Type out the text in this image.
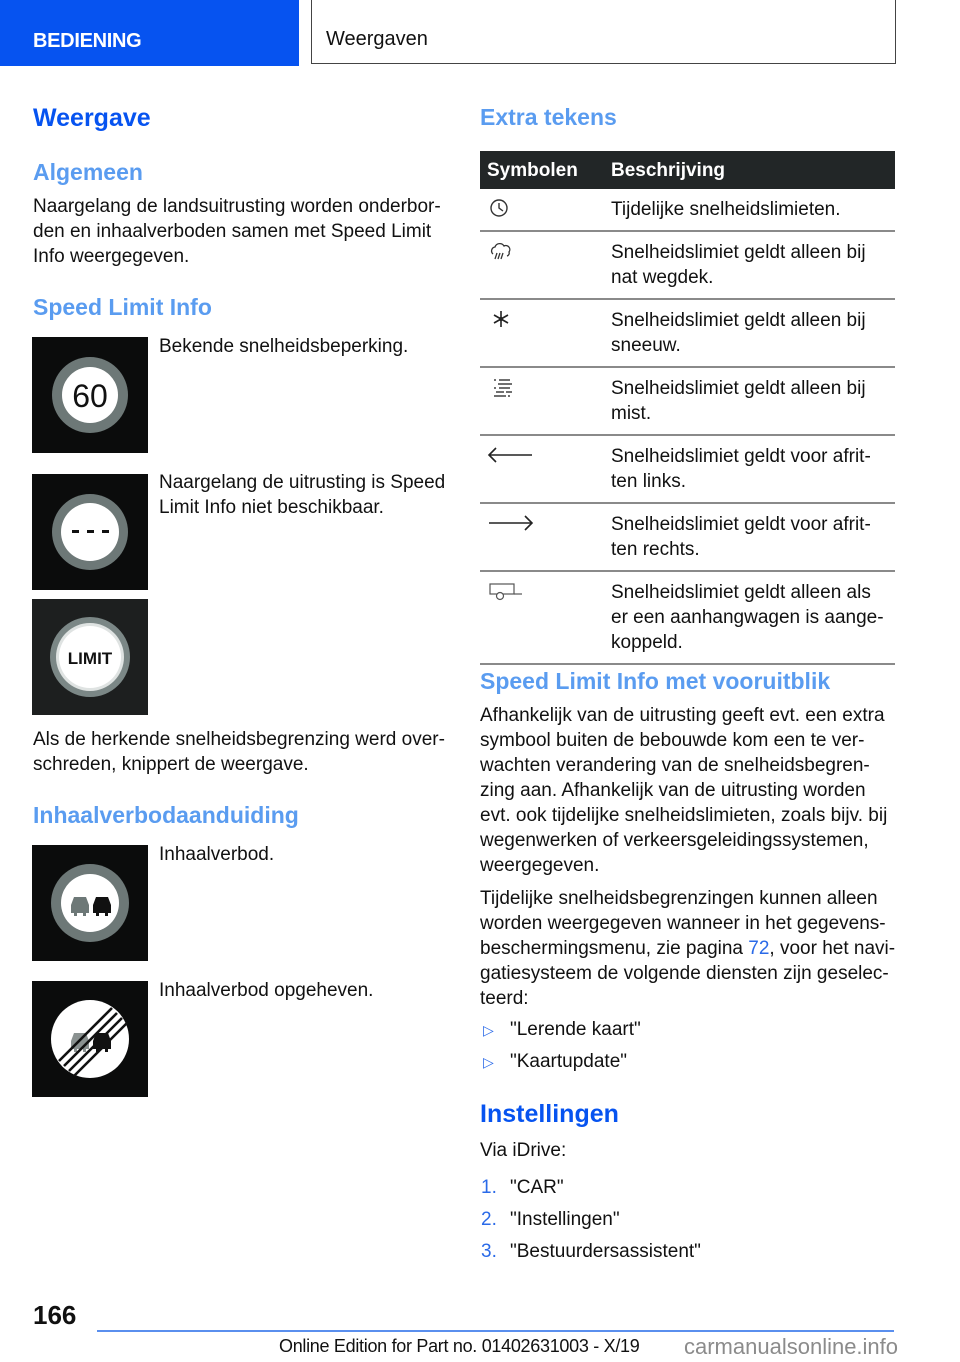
BEDIENING	Weergaven
Weergave
Algemeen
Naargelang de landsuitrusting worden onderbor-
den en inhaalverboden samen met Speed Limit
Info weergegeven.
Speed Limit Info
60
Bekende snelheidsbeperking.
Naargelang de uitrusting is Speed
Limit Info niet beschikbaar.
LIMIT
Als de herkende snelheidsbegrenzing werd over-
schreden, knippert de weergave.
Inhaalverbodaanduiding
Inhaalverbod.
Inhaalverbod opgeheven.
Extra tekens
Symbolen Beschrijving
Tijdelijke snelheidslimieten.
Snelheidslimiet geldt alleen bij
nat wegdek.
Snelheidslimiet geldt alleen bij
sneeuw.
Snelheidslimiet geldt alleen bij
mist.
Snelheidslimiet geldt voor afrit-
ten links.
Snelheidslimiet geldt voor afrit-
ten rechts.
Snelheidslimiet geldt alleen als
er een aanhangwagen is aange-
koppeld.
Speed Limit Info met vooruitblik
Afhankelijk van de uitrusting geeft evt. een extra
symbool buiten de bebouwde kom een te ver-
wachten verandering van de snelheidsbegren-
zing aan. Afhankelijk van de uitrusting worden
evt. ook tijdelijke snelheidslimieten, zoals bijv. bij
wegenwerken of verkeersgeleidingssystemen,
weergegeven.
Tijdelijke snelheidsbegrenzingen kunnen alleen
worden weergegeven wanneer in het gegevens-
beschermingsmenu, zie pagina 72, voor het navi-
gatiesysteem de volgende diensten zijn geselec-
teerd:
▷ "Lerende kaart"
▷ "Kaartupdate"
Instellingen
Via iDrive:
1. "CAR"
2. "Instellingen"
3. "Bestuurdersassistent"
166
Online Edition for Part no. 01402631003 - X/19 carmanualsonline.info
